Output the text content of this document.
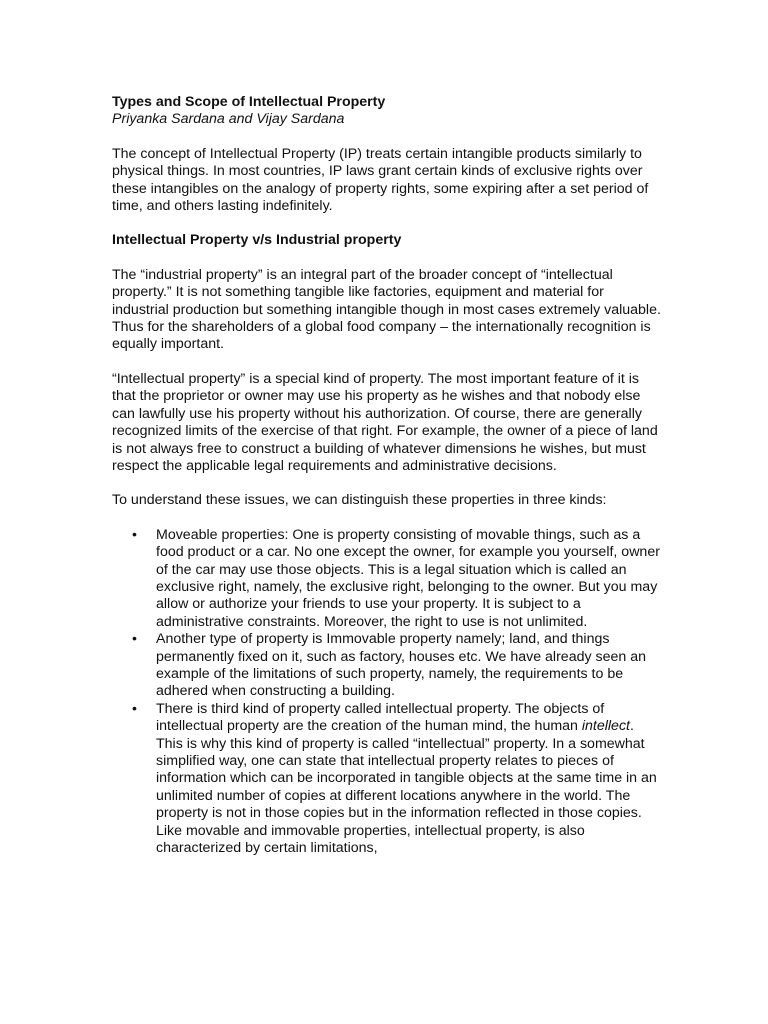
Types and Scope of Intellectual Property
Priyanka Sardana and Vijay Sardana

The concept of Intellectual Property (IP) treats certain intangible products similarly to physical things. In most countries, IP laws grant certain kinds of exclusive rights over these intangibles on the analogy of property rights, some expiring after a set period of time, and others lasting indefinitely.

Intellectual Property v/s Industrial property

The “industrial property” is an integral part of the broader concept of “intellectual property.” It is not something tangible like factories, equipment and material for industrial production but something intangible though in most cases extremely valuable. Thus for the shareholders of a global food company – the internationally recognition is equally important.

“Intellectual property” is a special kind of property. The most important feature of it is that the proprietor or owner may use his property as he wishes and that nobody else can lawfully use his property without his authorization. Of course, there are generally recognized limits of the exercise of that right. For example, the owner of a piece of land is not always free to construct a building of whatever dimensions he wishes, but must respect the applicable legal requirements and administrative decisions.

To understand these issues, we can distinguish these properties in three kinds:

• Moveable properties: One is property consisting of movable things, such as a food product or a car. No one except the owner, for example you yourself, owner of the car may use those objects. This is a legal situation which is called an exclusive right, namely, the exclusive right, belonging to the owner. But you may allow or authorize your friends to use your property. It is subject to a administrative constraints. Moreover, the right to use is not unlimited.
• Another type of property is Immovable property namely; land, and things permanently fixed on it, such as factory, houses etc. We have already seen an example of the limitations of such property, namely, the requirements to be adhered when constructing a building.
• There is third kind of property called intellectual property. The objects of intellectual property are the creation of the human mind, the human intellect. This is why this kind of property is called “intellectual” property. In a somewhat simplified way, one can state that intellectual property relates to pieces of information which can be incorporated in tangible objects at the same time in an unlimited number of copies at different locations anywhere in the world. The property is not in those copies but in the information reflected in those copies. Like movable and immovable properties, intellectual property, is also characterized by certain limitations,
